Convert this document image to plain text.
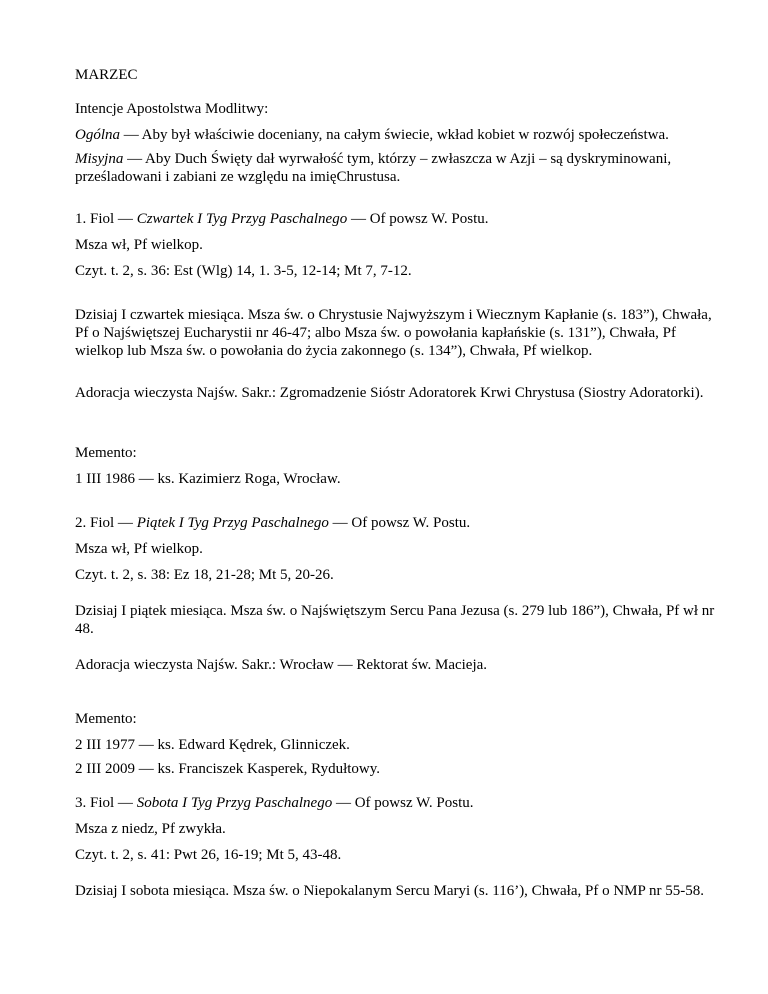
MARZEC
Intencje Apostolstwa Modlitwy:
Ogólna — Aby był właściwie doceniany, na całym świecie, wkład kobiet w rozwój społeczeństwa.
Misyjna — Aby Duch Święty dał wyrwałość tym, którzy – zwłaszcza w Azji – są dyskryminowani, prześladowani i zabiani ze względu na imięChrustusa.
1. Fiol — Czwartek I Tyg Przyg Paschalnego — Of powsz W. Postu.
Msza wł, Pf wielkop.
Czyt. t. 2, s. 36: Est (Wlg) 14, 1. 3-5, 12-14; Mt 7, 7-12.
Dzisiaj I czwartek miesiąca. Msza św. o Chrystusie Najwyższym i Wiecznym Kapłanie (s. 183”), Chwała, Pf o Najświętszej Eucharystii nr 46-47; albo Msza św. o powołania kapłańskie (s. 131”), Chwała, Pf wielkop lub Msza św. o powołania do życia zakonnego (s. 134”), Chwała, Pf wielkop.
Adoracja wieczysta Najśw. Sakr.: Zgromadzenie Sióstr Adoratorek Krwi Chrystusa (Siostry Adoratorki).
Memento:
1 III 1986 — ks. Kazimierz Roga, Wrocław.
2. Fiol — Piątek I Tyg Przyg Paschalnego — Of powsz W. Postu.
Msza wł, Pf wielkop.
Czyt. t. 2, s. 38: Ez 18, 21-28; Mt 5, 20-26.
Dzisiaj I piątek miesiąca. Msza św. o Najświętszym Sercu Pana Jezusa (s. 279 lub 186”), Chwała, Pf wł nr 48.
Adoracja wieczysta Najśw. Sakr.: Wrocław — Rektorat św. Macieja.
Memento:
2 III 1977 — ks. Edward Kędrek, Glinniczek.
2 III 2009 — ks. Franciszek Kasperek, Rydułtowy.
3. Fiol — Sobota I Tyg Przyg Paschalnego — Of powsz W. Postu.
Msza z niedz, Pf zwykła.
Czyt. t. 2, s. 41: Pwt 26, 16-19; Mt 5, 43-48.
Dzisiaj I sobota miesiąca. Msza św. o Niepokalanym Sercu Maryi (s. 116’), Chwała, Pf o NMP nr 55-58.
